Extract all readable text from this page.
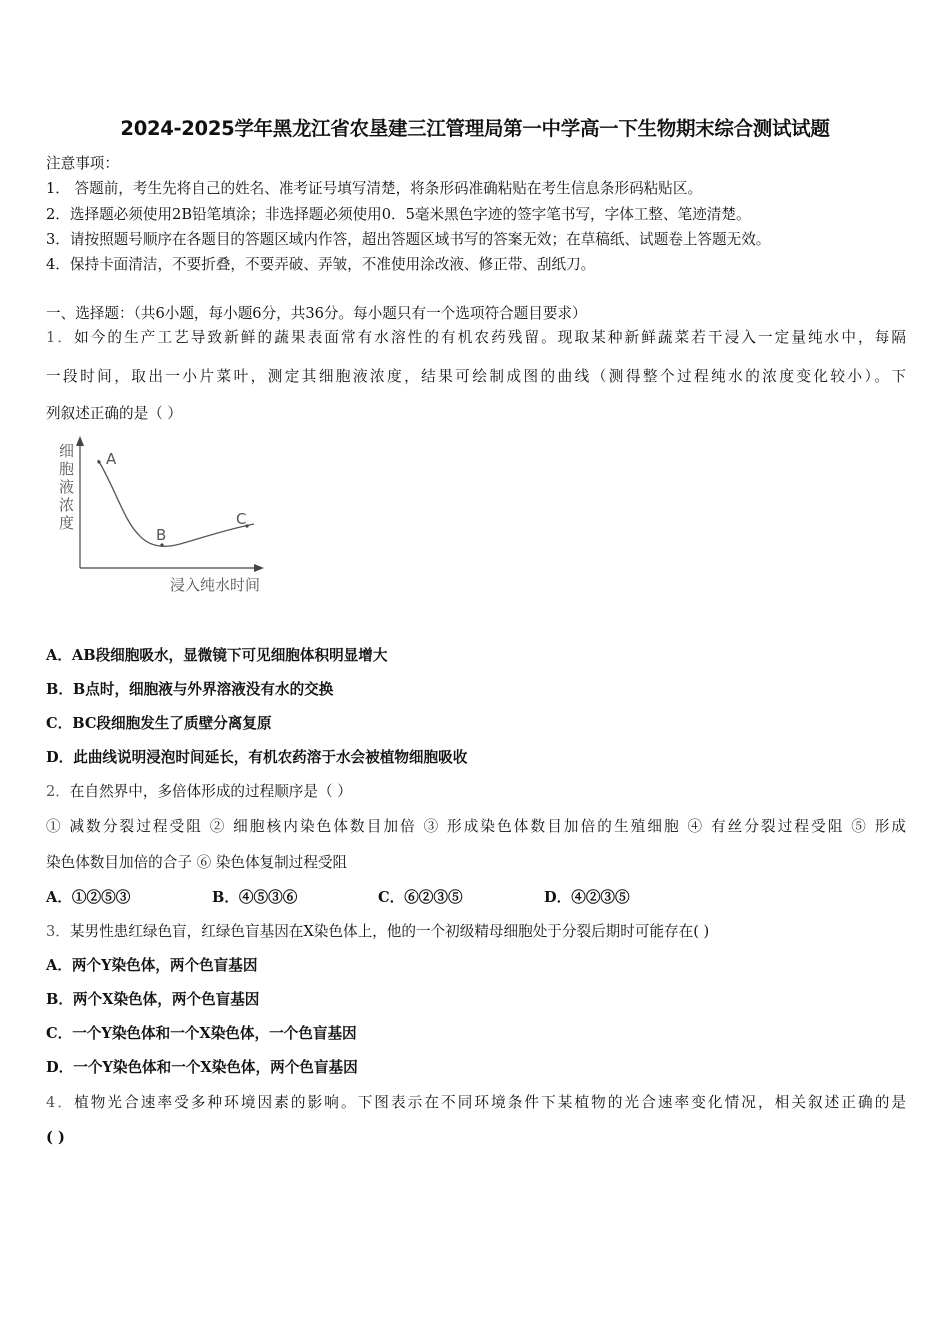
2024-2025学年黑龙江省农垦建三江管理局第一中学高一下生物期末综合测试试题
注意事项：
1． 答题前，考生先将自己的姓名、准考证号填写清楚，将条形码准确粘贴在考生信息条形码粘贴区。
2．选择题必须使用2B铅笔填涂；非选择题必须使用0．5毫米黑色字迹的签字笔书写，字体工整、笔迹清楚。
3．请按照题号顺序在各题目的答题区域内作答，超出答题区域书写的答案无效；在草稿纸、试题卷上答题无效。
4．保持卡面清洁，不要折叠，不要弄破、弄皱，不准使用涂改液、修正带、刮纸刀。
一、选择题：（共6小题，每小题6分，共36分。每小题只有一个选项符合题目要求）
1．如今的生产工艺导致新鲜的蔬果表面常有水溶性的有机农药残留。现取某种新鲜蔬菜若干浸入一定量纯水中，每隔
一段时间，取出一小片菜叶，测定其细胞液浓度，结果可绘制成图的曲线（测得整个过程纯水的浓度变化较小）。下
列叙述正确的是（ ）
A
B
C
细
胞
液
浓
度
浸入纯水时间
A．AB段细胞吸水，显微镜下可见细胞体积明显增大
B．B点时，细胞液与外界溶液没有水的交换
C．BC段细胞发生了质壁分离复原
D．此曲线说明浸泡时间延长，有机农药溶于水会被植物细胞吸收
2．在自然界中，多倍体形成的过程顺序是（ ）
① 减数分裂过程受阻 ② 细胞核内染色体数目加倍 ③ 形成染色体数目加倍的生殖细胞 ④ 有丝分裂过程受阻 ⑤ 形成
染色体数目加倍的合子 ⑥ 染色体复制过程受阻
A．①②⑤③	B．④⑤③⑥	C．⑥②③⑤	D．④②③⑤
3．某男性患红绿色盲，红绿色盲基因在X染色体上，他的一个初级精母细胞处于分裂后期时可能存在( )
A．两个Y染色体，两个色盲基因
B．两个X染色体，两个色盲基因
C．一个Y染色体和一个X染色体，一个色盲基因
D．一个Y染色体和一个X染色体，两个色盲基因
4．植物光合速率受多种环境因素的影响。下图表示在不同环境条件下某植物的光合速率变化情况，相关叙述正确的是
( )
